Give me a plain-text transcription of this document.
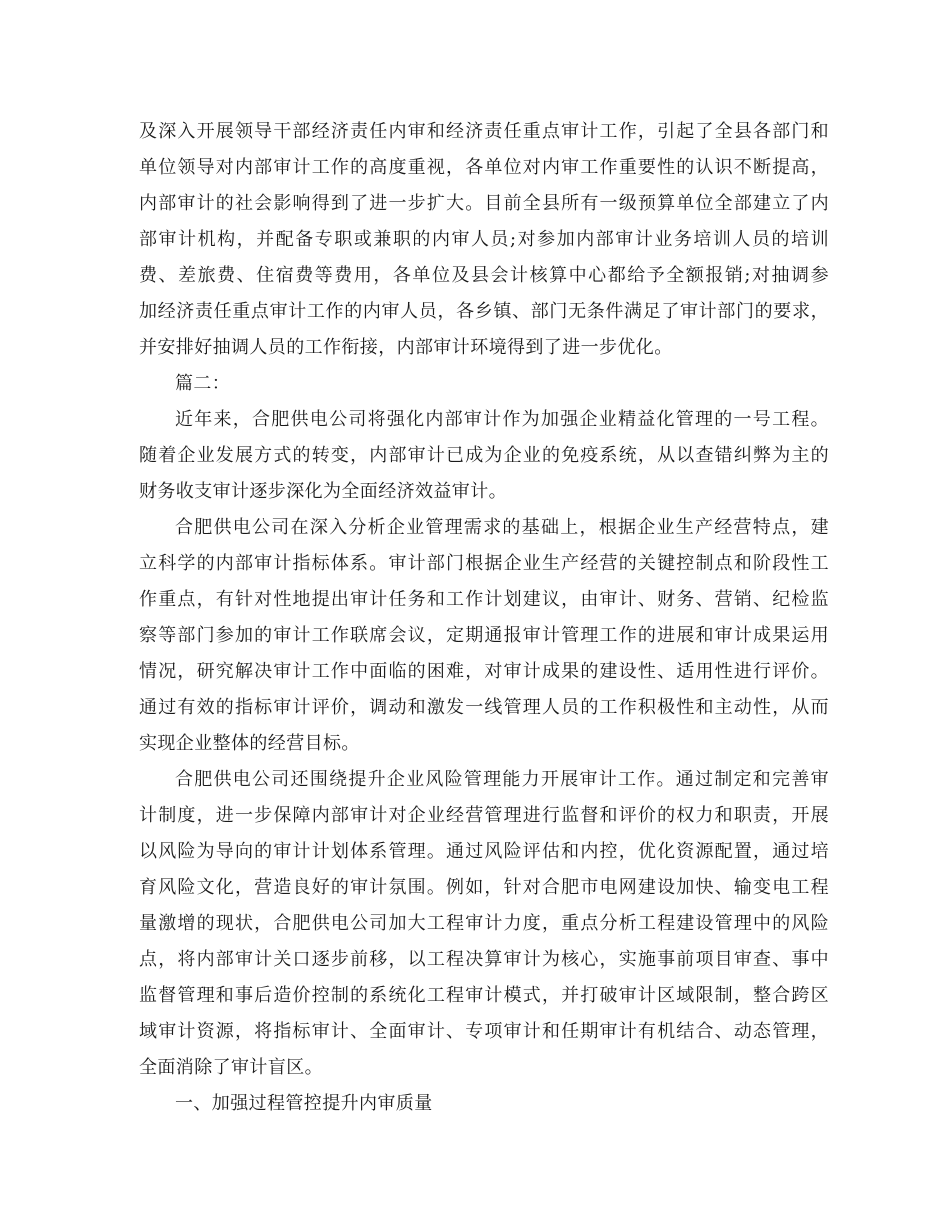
及深入开展领导干部经济责任内审和经济责任重点审计工作，引起了全县各部门和
单位领导对内部审计工作的高度重视，各单位对内审工作重要性的认识不断提高，
内部审计的社会影响得到了进一步扩大。目前全县所有一级预算单位全部建立了内
部审计机构，并配备专职或兼职的内审人员;对参加内部审计业务培训人员的培训
费、差旅费、住宿费等费用，各单位及县会计核算中心都给予全额报销;对抽调参
加经济责任重点审计工作的内审人员，各乡镇、部门无条件满足了审计部门的要求，
并安排好抽调人员的工作衔接，内部审计环境得到了进一步优化。
篇二：
近年来，合肥供电公司将强化内部审计作为加强企业精益化管理的一号工程。
随着企业发展方式的转变，内部审计已成为企业的免疫系统，从以查错纠弊为主的
财务收支审计逐步深化为全面经济效益审计。
合肥供电公司在深入分析企业管理需求的基础上，根据企业生产经营特点，建
立科学的内部审计指标体系。审计部门根据企业生产经营的关键控制点和阶段性工
作重点，有针对性地提出审计任务和工作计划建议，由审计、财务、营销、纪检监
察等部门参加的审计工作联席会议，定期通报审计管理工作的进展和审计成果运用
情况，研究解决审计工作中面临的困难，对审计成果的建设性、适用性进行评价。
通过有效的指标审计评价，调动和激发一线管理人员的工作积极性和主动性，从而
实现企业整体的经营目标。
合肥供电公司还围绕提升企业风险管理能力开展审计工作。通过制定和完善审
计制度，进一步保障内部审计对企业经营管理进行监督和评价的权力和职责，开展
以风险为导向的审计计划体系管理。通过风险评估和内控，优化资源配置，通过培
育风险文化，营造良好的审计氛围。例如，针对合肥市电网建设加快、输变电工程
量激增的现状，合肥供电公司加大工程审计力度，重点分析工程建设管理中的风险
点，将内部审计关口逐步前移，以工程决算审计为核心，实施事前项目审查、事中
监督管理和事后造价控制的系统化工程审计模式，并打破审计区域限制，整合跨区
域审计资源，将指标审计、全面审计、专项审计和任期审计有机结合、动态管理，
全面消除了审计盲区。
一、加强过程管控提升内审质量
